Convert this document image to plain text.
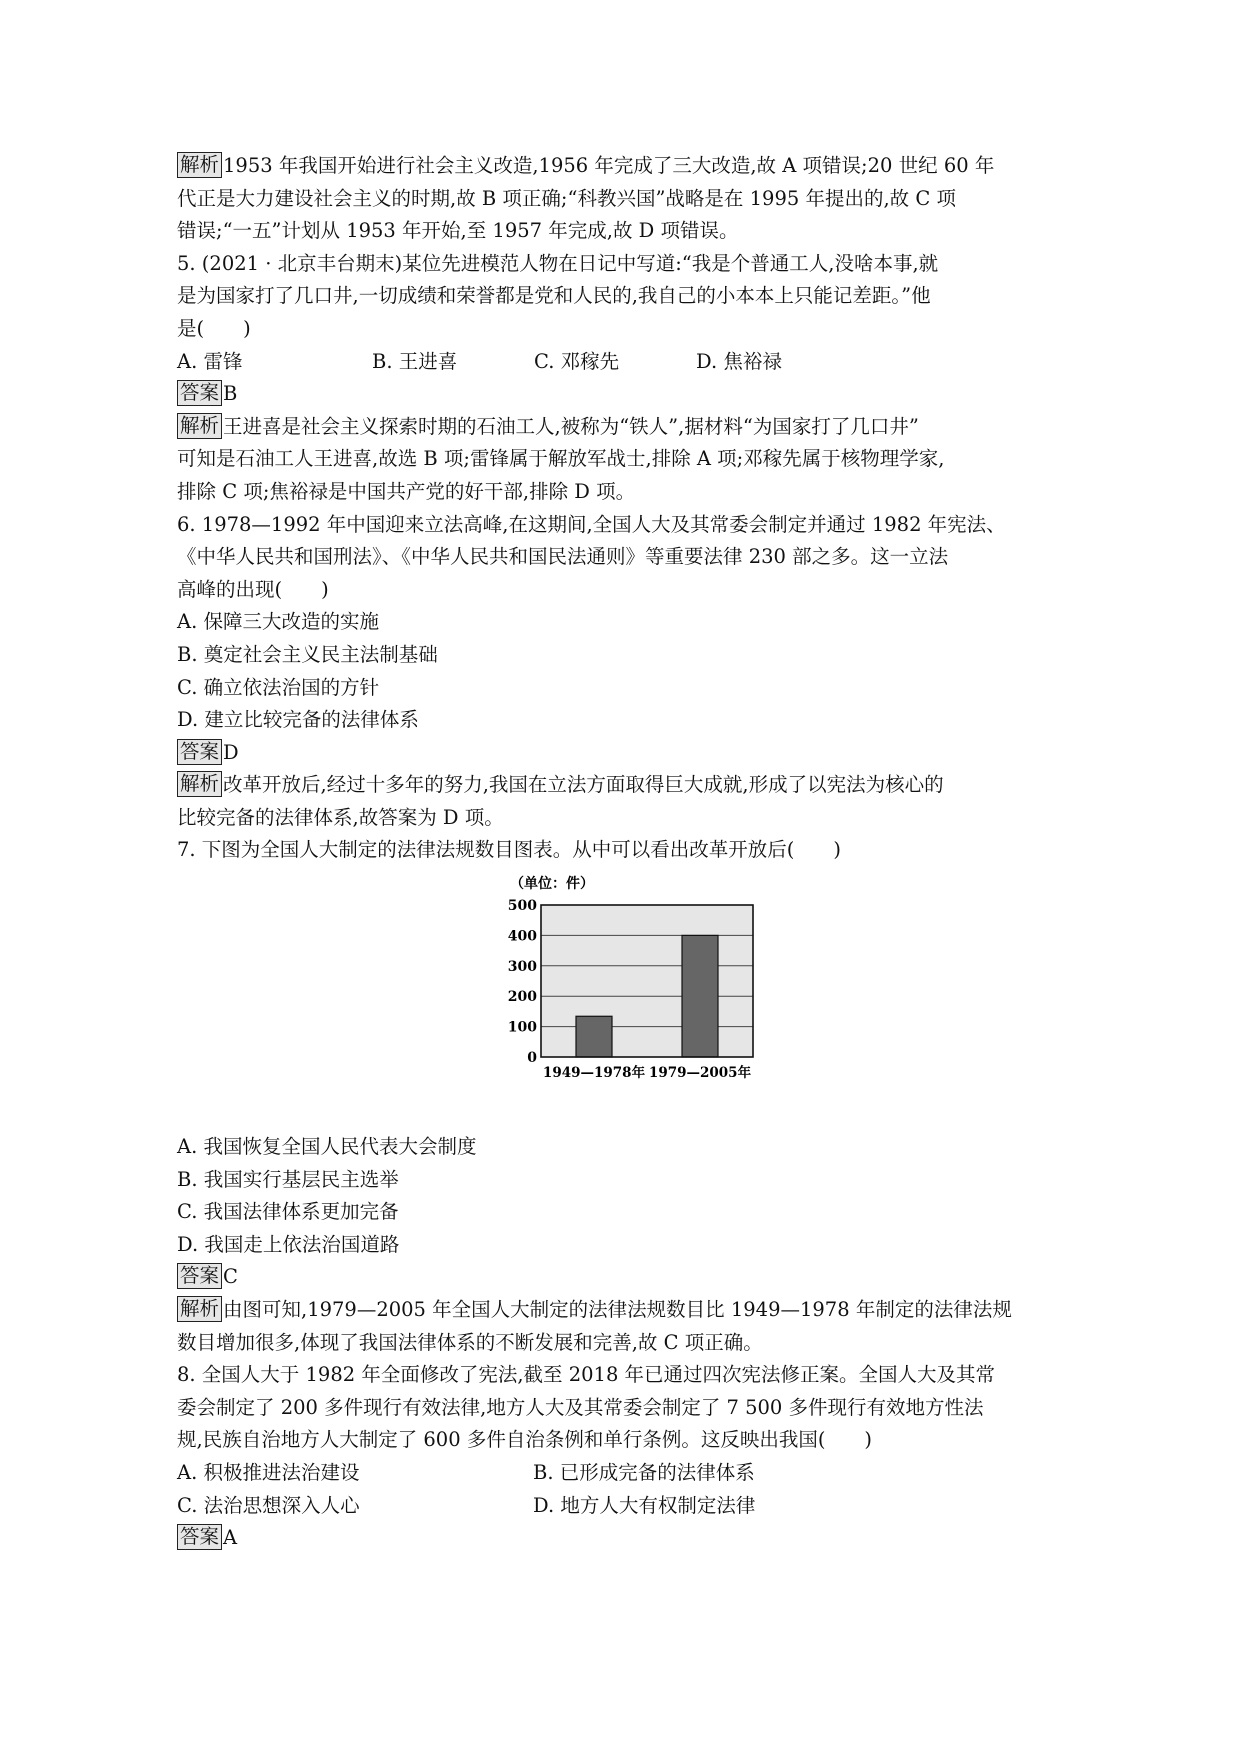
解析 1953 年我国开始进行社会主义改造,1956 年完成了三大改造,故 A 项错误;20 世纪 60 年
代正是大力建设社会主义的时期,故 B 项正确;“科教兴国”战略是在 1995 年提出的,故 C 项
错误;“一五”计划从 1953 年开始,至 1957 年完成,故 D 项错误。
5. (2021 · 北京丰台期末)某位先进模范人物在日记中写道:“我是个普通工人,没啥本事,就
是为国家打了几口井,一切成绩和荣誉都是党和人民的,我自己的小本本上只能记差距。”他
是(　　)
A. 雷锋	B. 王进喜	C. 邓稼先	D. 焦裕禄
答案 B
解析 王进喜是社会主义探索时期的石油工人,被称为“铁人”,据材料“为国家打了几口井”
可知是石油工人王进喜,故选 B 项;雷锋属于解放军战士,排除 A 项;邓稼先属于核物理学家,
排除 C 项;焦裕禄是中国共产党的好干部,排除 D 项。
6. 1978—1992 年中国迎来立法高峰,在这期间,全国人大及其常委会制定并通过 1982 年宪法、
《中华人民共和国刑法》、《中华人民共和国民法通则》等重要法律 230 部之多。这一立法
高峰的出现(　　)
A. 保障三大改造的实施
B. 奠定社会主义民主法制基础
C. 确立依法治国的方针
D. 建立比较完备的法律体系
答案 D
解析 改革开放后,经过十多年的努力,我国在立法方面取得巨大成就,形成了以宪法为核心的
比较完备的法律体系,故答案为 D 项。
7. 下图为全国人大制定的法律法规数目图表。从中可以看出改革开放后(　　)
（单位：件）
0
100
200
300
400
500
1949—1978年 1979—2005年
A. 我国恢复全国人民代表大会制度
B. 我国实行基层民主选举
C. 我国法律体系更加完备
D. 我国走上依法治国道路
答案 C
解析 由图可知,1979—2005 年全国人大制定的法律法规数目比 1949—1978 年制定的法律法规
数目增加很多,体现了我国法律体系的不断发展和完善,故 C 项正确。
8. 全国人大于 1982 年全面修改了宪法,截至 2018 年已通过四次宪法修正案。全国人大及其常
委会制定了 200 多件现行有效法律,地方人大及其常委会制定了 7 500 多件现行有效地方性法
规,民族自治地方人大制定了 600 多件自治条例和单行条例。这反映出我国(　　)
A. 积极推进法治建设	B. 已形成完备的法律体系
C. 法治思想深入人心	D. 地方人大有权制定法律
答案 A
